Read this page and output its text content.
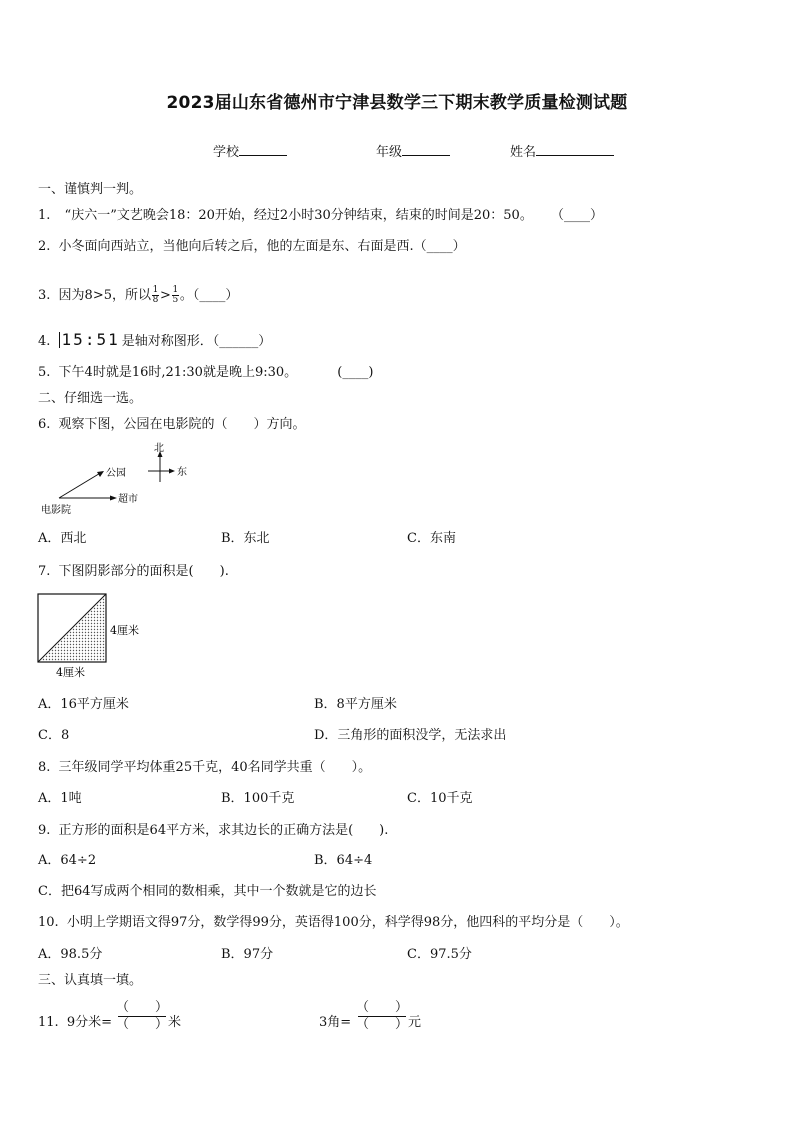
2023届山东省德州市宁津县数学三下期末教学质量检测试题
学校	年级	姓名
一、谨慎判一判。
1. “庆六一”文艺晚会18：20开始，经过2小时30分钟结束，结束的时间是20：50。 （____）
2. 小冬面向西站立，当他向后转之后，他的左面是东、右面是西.（____）
3. 因为8>5，所以 $\frac{1}{8} > \frac{1}{5}$ 。（____）
4. 15:51 是轴对称图形．（______）
5. 下午4时就是16时,21:30就是晚上9:30。	(____)
二、仔细选一选。
6. 观察下图，公园在电影院的（　　）方向。
北
东
公园
超市
电影院
A．西北	B．东北	C．东南
7. 下图阴影部分的面积是(　　).
4厘米
4厘米
A．16平方厘米	B．8平方厘米
C．8	D．三角形的面积没学，无法求出
8. 三年级同学平均体重25千克，40名同学共重（　　）。
A．1吨	B．100千克	C．10千克
9. 正方形的面积是64平方米，求其边长的正确方法是(　　).
A．64÷2	B．64÷4
C．把64写成两个相同的数相乘，其中一个数就是它的边长
10. 小明上学期语文得97分，数学得99分，英语得100分，科学得98分，他四科的平均分是（　　）。
A．98.5分	B．97分	C．97.5分
三、认真填一填。
11. 9分米=
（　　）
（　　） 米	3角=
（　　）
（　　） 元
